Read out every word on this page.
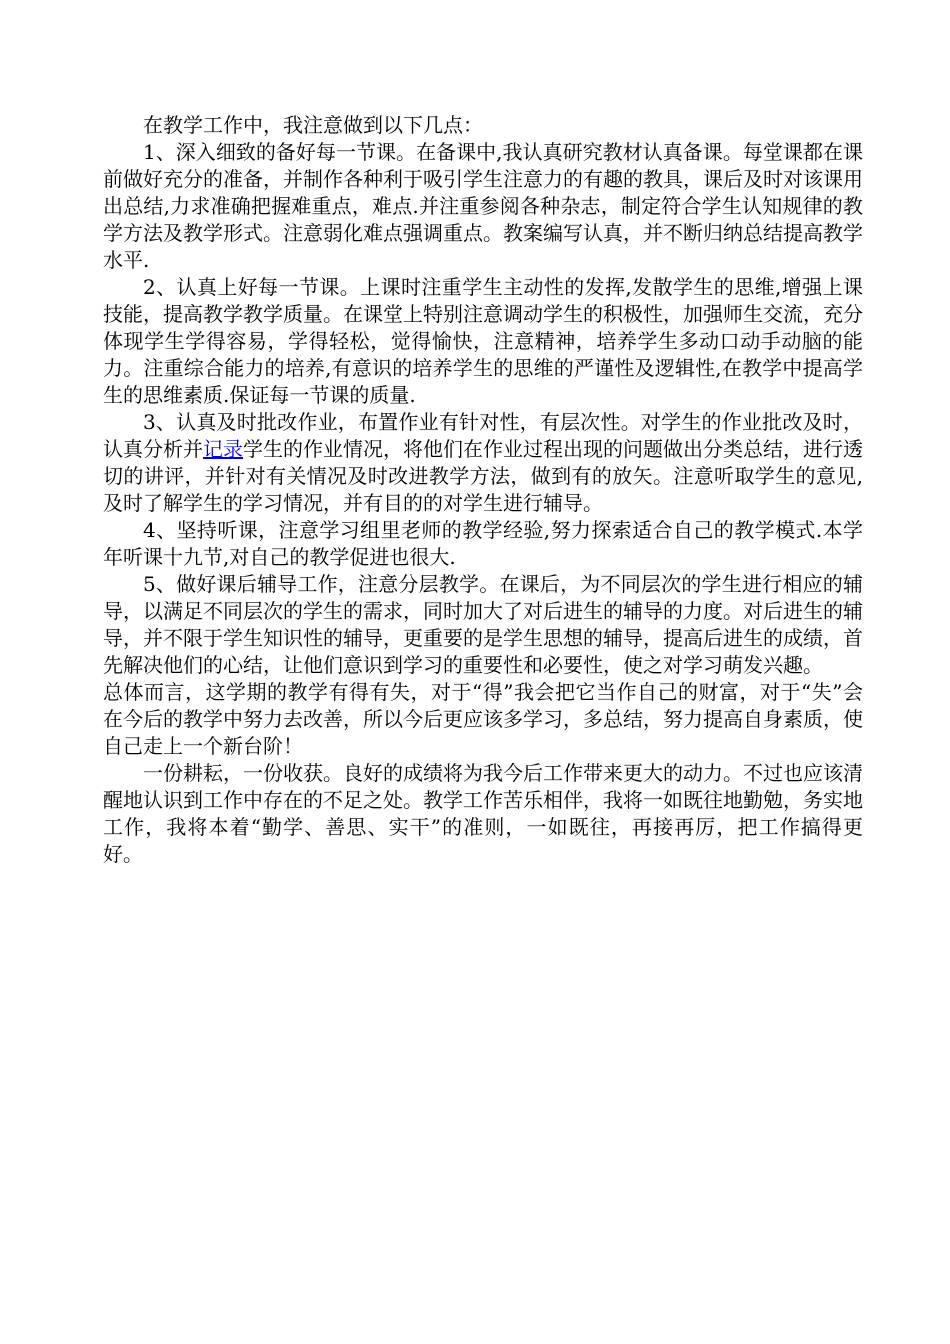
在教学工作中，我注意做到以下几点：

1、深入细致的备好每一节课。在备课中,我认真研究教材认真备课。每堂课都在课前做好充分的准备，并制作各种利于吸引学生注意力的有趣的教具，课后及时对该课用出总结,力求准确把握难重点，难点.并注重参阅各种杂志，制定符合学生认知规律的教学方法及教学形式。注意弱化难点强调重点。教案编写认真，并不断归纳总结提高教学水平.

2、认真上好每一节课。上课时注重学生主动性的发挥,发散学生的思维,增强上课技能，提高教学教学质量。在课堂上特别注意调动学生的积极性，加强师生交流，充分体现学生学得容易，学得轻松，觉得愉快，注意精神，培养学生多动口动手动脑的能力。注重综合能力的培养,有意识的培养学生的思维的严谨性及逻辑性,在教学中提高学生的思维素质.保证每一节课的质量.

3、认真及时批改作业，布置作业有针对性，有层次性。对学生的作业批改及时，认真分析并记录学生的作业情况，将他们在作业过程出现的问题做出分类总结，进行透切的讲评，并针对有关情况及时改进教学方法，做到有的放矢。注意听取学生的意见,及时了解学生的学习情况，并有目的的对学生进行辅导。

4、坚持听课，注意学习组里老师的教学经验,努力探索适合自己的教学模式.本学年听课十九节,对自己的教学促进也很大.

5、做好课后辅导工作，注意分层教学。在课后，为不同层次的学生进行相应的辅导，以满足不同层次的学生的需求，同时加大了对后进生的辅导的力度。对后进生的辅导，并不限于学生知识性的辅导，更重要的是学生思想的辅导，提高后进生的成绩，首先解决他们的心结，让他们意识到学习的重要性和必要性，使之对学习萌发兴趣。

总体而言，这学期的教学有得有失，对于“得”我会把它当作自己的财富，对于“失”会在今后的教学中努力去改善，所以今后更应该多学习，多总结，努力提高自身素质，使自己走上一个新台阶！

一份耕耘，一份收获。良好的成绩将为我今后工作带来更大的动力。不过也应该清醒地认识到工作中存在的不足之处。教学工作苦乐相伴，我将一如既往地勤勉，务实地工作，我将本着“勤学、善思、实干”的准则，一如既往，再接再厉，把工作搞得更好。
